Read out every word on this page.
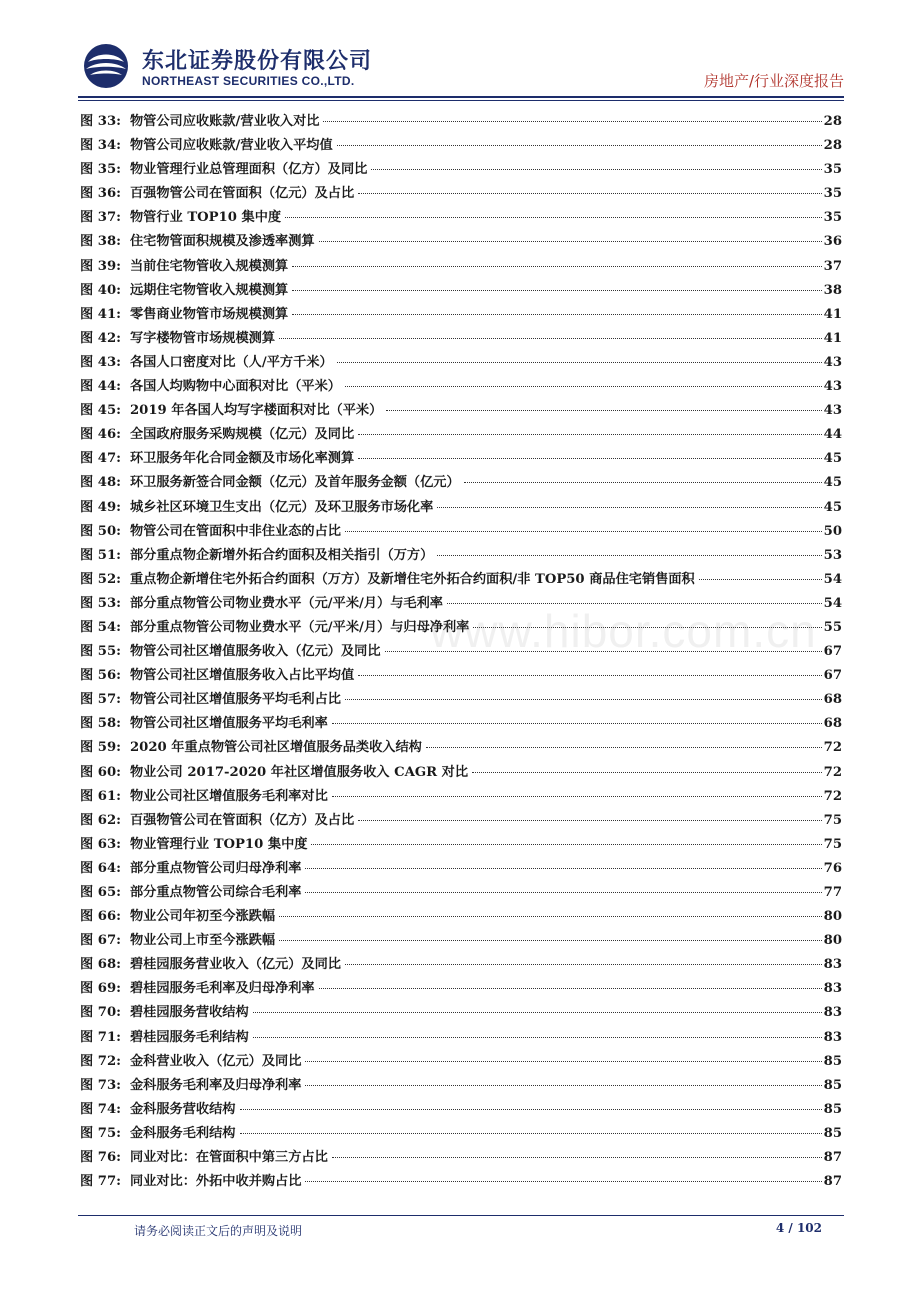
东北证券股份有限公司
NORTHEAST SECURITIES CO.,LTD.	房地产/行业深度报告
图 33: 物管公司应收账款/营业收入对比	28
图 34: 物管公司应收账款/营业收入平均值	28
图 35: 物业管理行业总管理面积（亿方）及同比	35
图 36: 百强物管公司在管面积（亿元）及占比	35
图 37: 物管行业 TOP10 集中度	35
图 38: 住宅物管面积规模及渗透率测算	36
图 39: 当前住宅物管收入规模测算	37
图 40: 远期住宅物管收入规模测算	38
图 41: 零售商业物管市场规模测算	41
图 42: 写字楼物管市场规模测算	41
图 43: 各国人口密度对比（人/平方千米）	43
图 44: 各国人均购物中心面积对比（平米）	43
图 45: 2019 年各国人均写字楼面积对比（平米）	43
图 46: 全国政府服务采购规模（亿元）及同比	44
图 47: 环卫服务年化合同金额及市场化率测算	45
图 48: 环卫服务新签合同金额（亿元）及首年服务金额（亿元）	45
图 49: 城乡社区环境卫生支出（亿元）及环卫服务市场化率	45
图 50: 物管公司在管面积中非住业态的占比	50
图 51: 部分重点物企新增外拓合约面积及相关指引（万方）	53
图 52: 重点物企新增住宅外拓合约面积（万方）及新增住宅外拓合约面积/非 TOP50 商品住宅销售面积	54
图 53: 部分重点物管公司物业费水平（元/平米/月）与毛利率	54
图 54: 部分重点物管公司物业费水平（元/平米/月）与归母净利率	55
图 55: 物管公司社区增值服务收入（亿元）及同比	67
图 56: 物管公司社区增值服务收入占比平均值	67
图 57: 物管公司社区增值服务平均毛利占比	68
图 58: 物管公司社区增值服务平均毛利率	68
图 59: 2020 年重点物管公司社区增值服务品类收入结构	72
图 60: 物业公司 2017-2020 年社区增值服务收入 CAGR 对比	72
图 61: 物业公司社区增值服务毛利率对比	72
图 62: 百强物管公司在管面积（亿方）及占比	75
图 63: 物业管理行业 TOP10 集中度	75
图 64: 部分重点物管公司归母净利率	76
图 65: 部分重点物管公司综合毛利率	77
图 66: 物业公司年初至今涨跌幅	80
图 67: 物业公司上市至今涨跌幅	80
图 68: 碧桂园服务营业收入（亿元）及同比	83
图 69: 碧桂园服务毛利率及归母净利率	83
图 70: 碧桂园服务营收结构	83
图 71: 碧桂园服务毛利结构	83
图 72: 金科营业收入（亿元）及同比	85
图 73: 金科服务毛利率及归母净利率	85
图 74: 金科服务营收结构	85
图 75: 金科服务毛利结构	85
图 76: 同业对比：在管面积中第三方占比	87
图 77: 同业对比：外拓中收并购占比	87
www.hibor.com.cn
请务必阅读正文后的声明及说明	4 / 102
